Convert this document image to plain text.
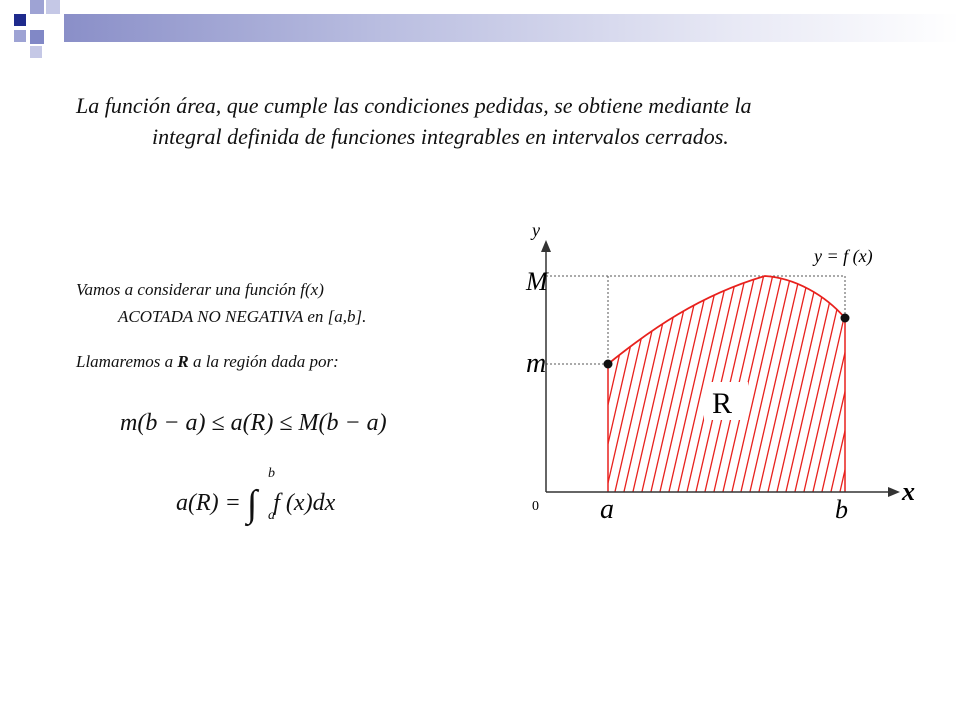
La función área, que cumple las condiciones pedidas, se obtiene mediante la
integral definida de funciones integrables en intervalos cerrados.
Vamos a considerar una función f(x)
ACOTADA NO NEGATIVA en [a,b].
Llamaremos a R a la región dada por:
m(b − a) ≤ a(R) ≤ M(b − a)
a(R) = ∫
b
a
f (x)dx
y
x
y = f (x)
M
m
0 a	b
R
